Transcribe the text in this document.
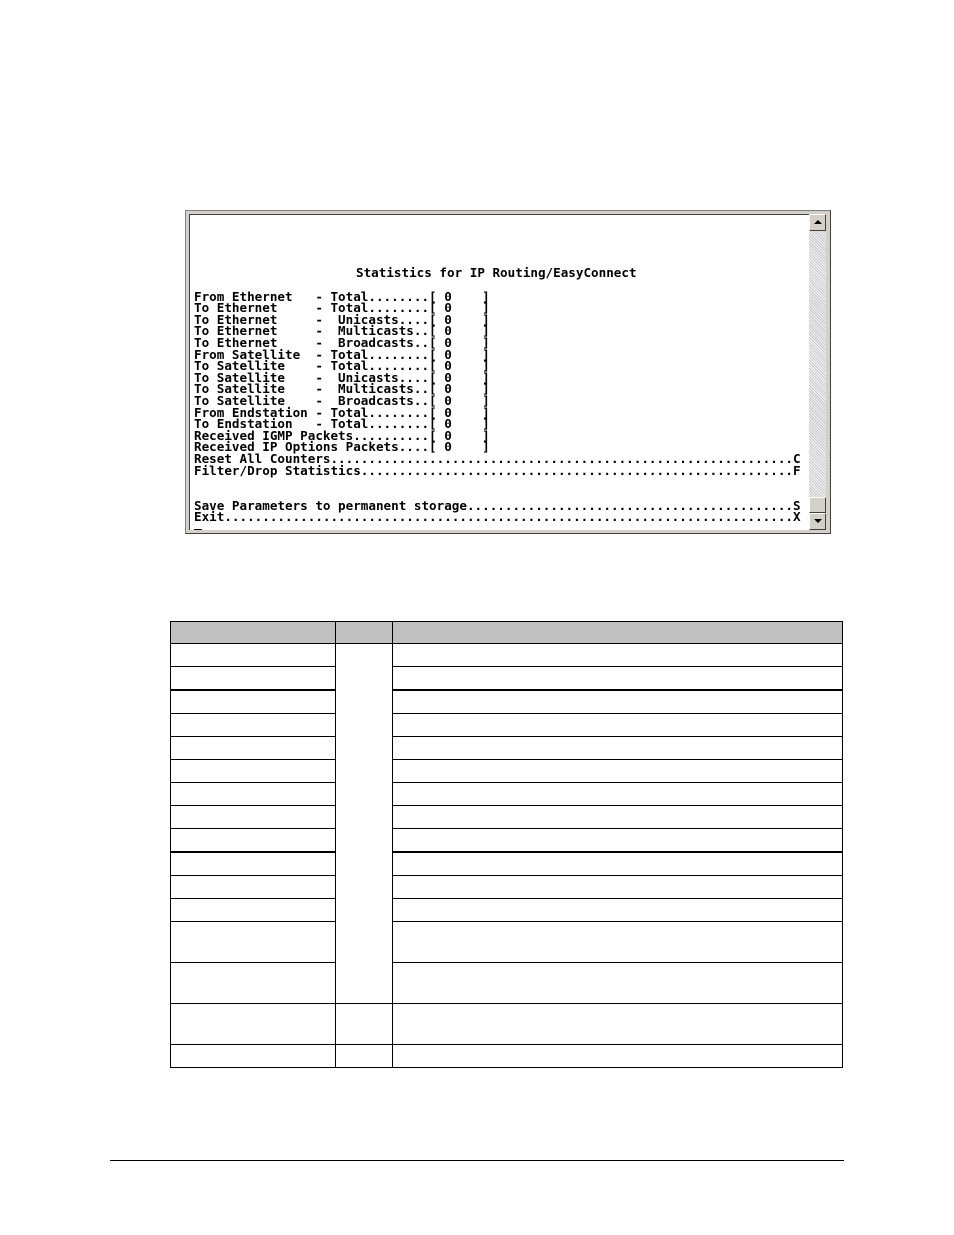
Statistics for IP Routing/EasyConnect
From Ethernet   - Total........[ 0    ]
To Ethernet     - Total........[ 0    ]
To Ethernet     -  Unicasts....[ 0    ]
To Ethernet     -  Multicasts..[ 0    ]
To Ethernet     -  Broadcasts..[ 0    ]
From Satellite  - Total........[ 0    ]
To Satellite    - Total........[ 0    ]
To Satellite    -  Unicasts....[ 0    ]
To Satellite    -  Multicasts..[ 0    ]
To Satellite    -  Broadcasts..[ 0    ]
From Endstation - Total........[ 0    ]
To Endstation   - Total........[ 0    ]
Received IGMP Packets..........[ 0    ]
Received IP Options Packets....[ 0    ]
Reset All Counters.............................................................C
Filter/Drop Statistics.........................................................F
Save Parameters to permanent storage...........................................S
Exit...........................................................................X
